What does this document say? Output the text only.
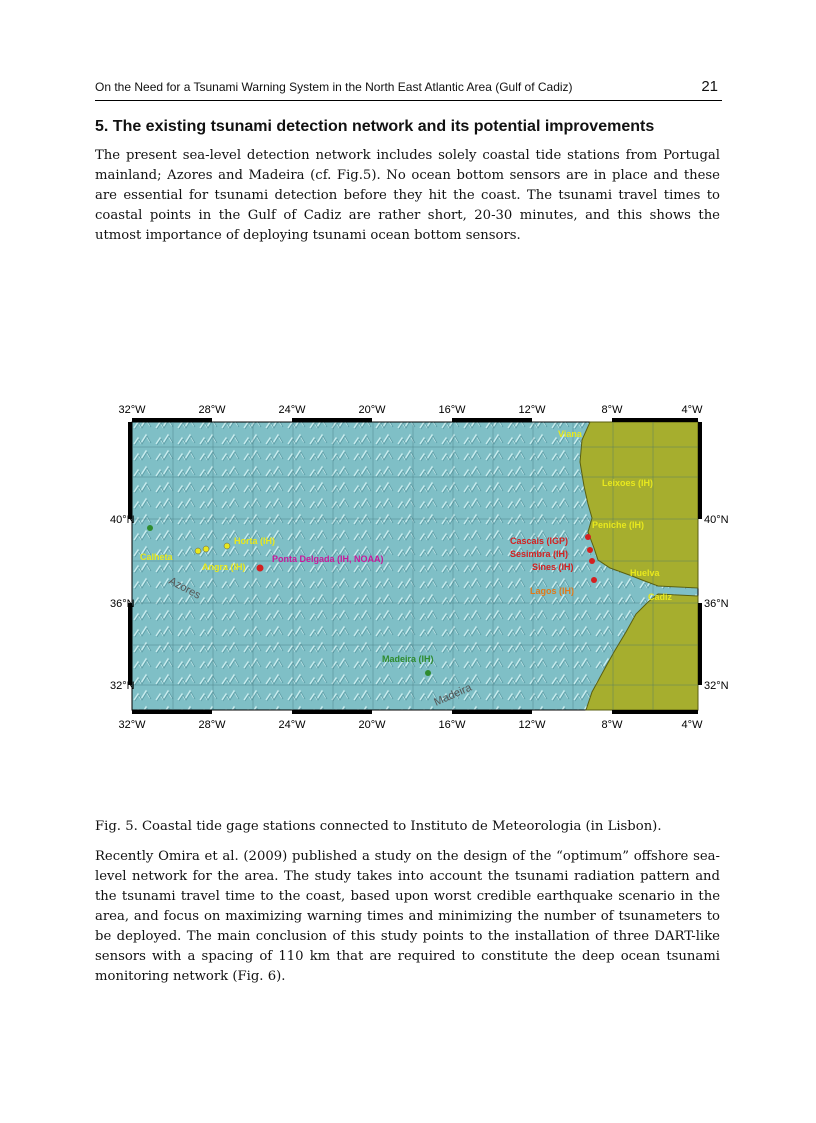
On the Need for a Tsunami Warning System in the North East Atlantic Area (Gulf of Cadiz)	21
5. The existing tsunami detection network and its potential improvements

The present sea-level detection network includes solely coastal tide stations from Portugal mainland; Azores and Madeira (cf. Fig.5). No ocean bottom sensors are in place and these are essential for tsunami detection before they hit the coast. The tsunami travel times to coastal points in the Gulf of Cadiz are rather short, 20-30 minutes, and this shows the utmost importance of deploying tsunami ocean bottom sensors.

32°W	28°W	24°W	20°W	16°W	12°W	8°W	4°W
32°W	28°W	24°W	20°W	16°W	12°W	8°W	4°W
40°N
36°N
32°N
40°N
36°N
32°N
Viana
Leixoes (IH)
Peniche (IH)
Cascais (IGP)
Sesimbra (IH)
Sines (IH)
Lagos (IH)
Huelva
Cadiz
Horta (IH)
Calheta
Angra (IH)
Ponta Delgada (IH, NOAA)
Madeira (IH)
Azores
Madeira

Fig. 5. Coastal tide gage stations connected to Instituto de Meteorologia (in Lisbon).

Recently Omira et al. (2009) published a study on the design of the “optimum” offshore sea-level network for the area. The study takes into account the tsunami radiation pattern and the tsunami travel time to the coast, based upon worst credible earthquake scenario in the area, and focus on maximizing warning times and minimizing the number of tsunameters to be deployed. The main conclusion of this study points to the installation of three DART-like sensors with a spacing of 110 km that are required to constitute the deep ocean tsunami monitoring network (Fig. 6).
